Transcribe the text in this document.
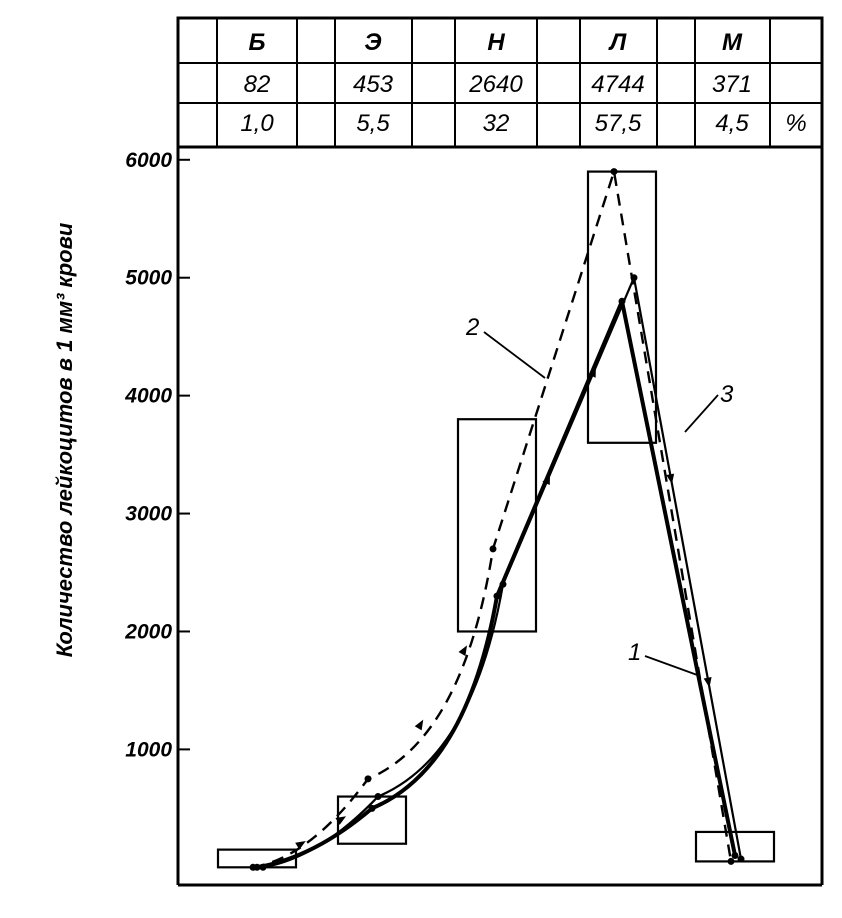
Б	Э	Н	Л	М
82	453	2640	4744	371
1,0	5,5	32	57,5	4,5 %
1000
2000
3000
4000
5000
6000
Количество лейкоцитов в 1 мм³ крови	1
2
3
